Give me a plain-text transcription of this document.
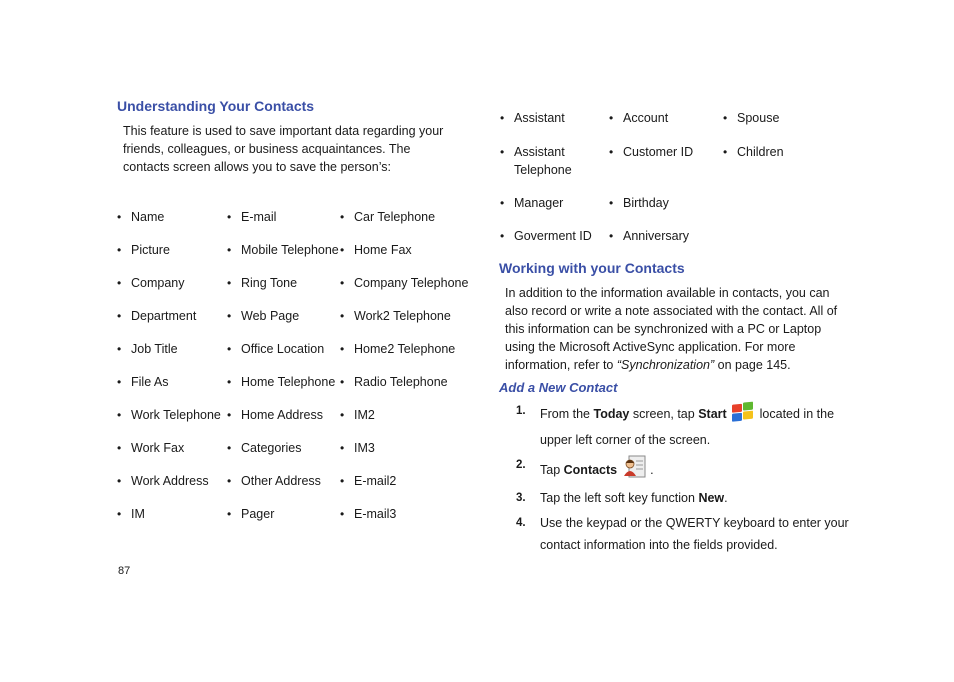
Understanding Your Contacts

This feature is used to save important data regarding your friends, colleagues, or business acquaintances. The contacts screen allows you to save the person’s:

• Name
• Picture
• Company
• Department
• Job Title
• File As
• Work Telephone
• Work Fax
• Work Address
• IM
• E-mail
• Mobile Telephone
• Ring Tone
• Web Page
• Office Location
• Home Telephone
• Home Address
• Categories
• Other Address
• Pager
• Car Telephone
• Home Fax
• Company Telephone
• Work2 Telephone
• Home2 Telephone
• Radio Telephone
• IM2
• IM3
• E-mail2
• E-mail3
• Assistant
• Assistant
Telephone
• Manager
• Goverment ID
• Account
• Customer ID
• Birthday
• Anniversary
• Spouse
• Children
Working with your Contacts

In addition to the information available in contacts, you can also record or write a note associated with the contact. All of this information can be synchronized with a PC or Laptop using the Microsoft ActiveSync application. For more information, refer to “Synchronization” on page 145.

Add a New Contact
1. From the Today screen, tap Start	located in the upper left corner of the screen.
2. Tap Contacts	.
3. Tap the left soft key function New.
4. Use the keypad or the QWERTY keyboard to enter your contact information into the fields provided.
87
